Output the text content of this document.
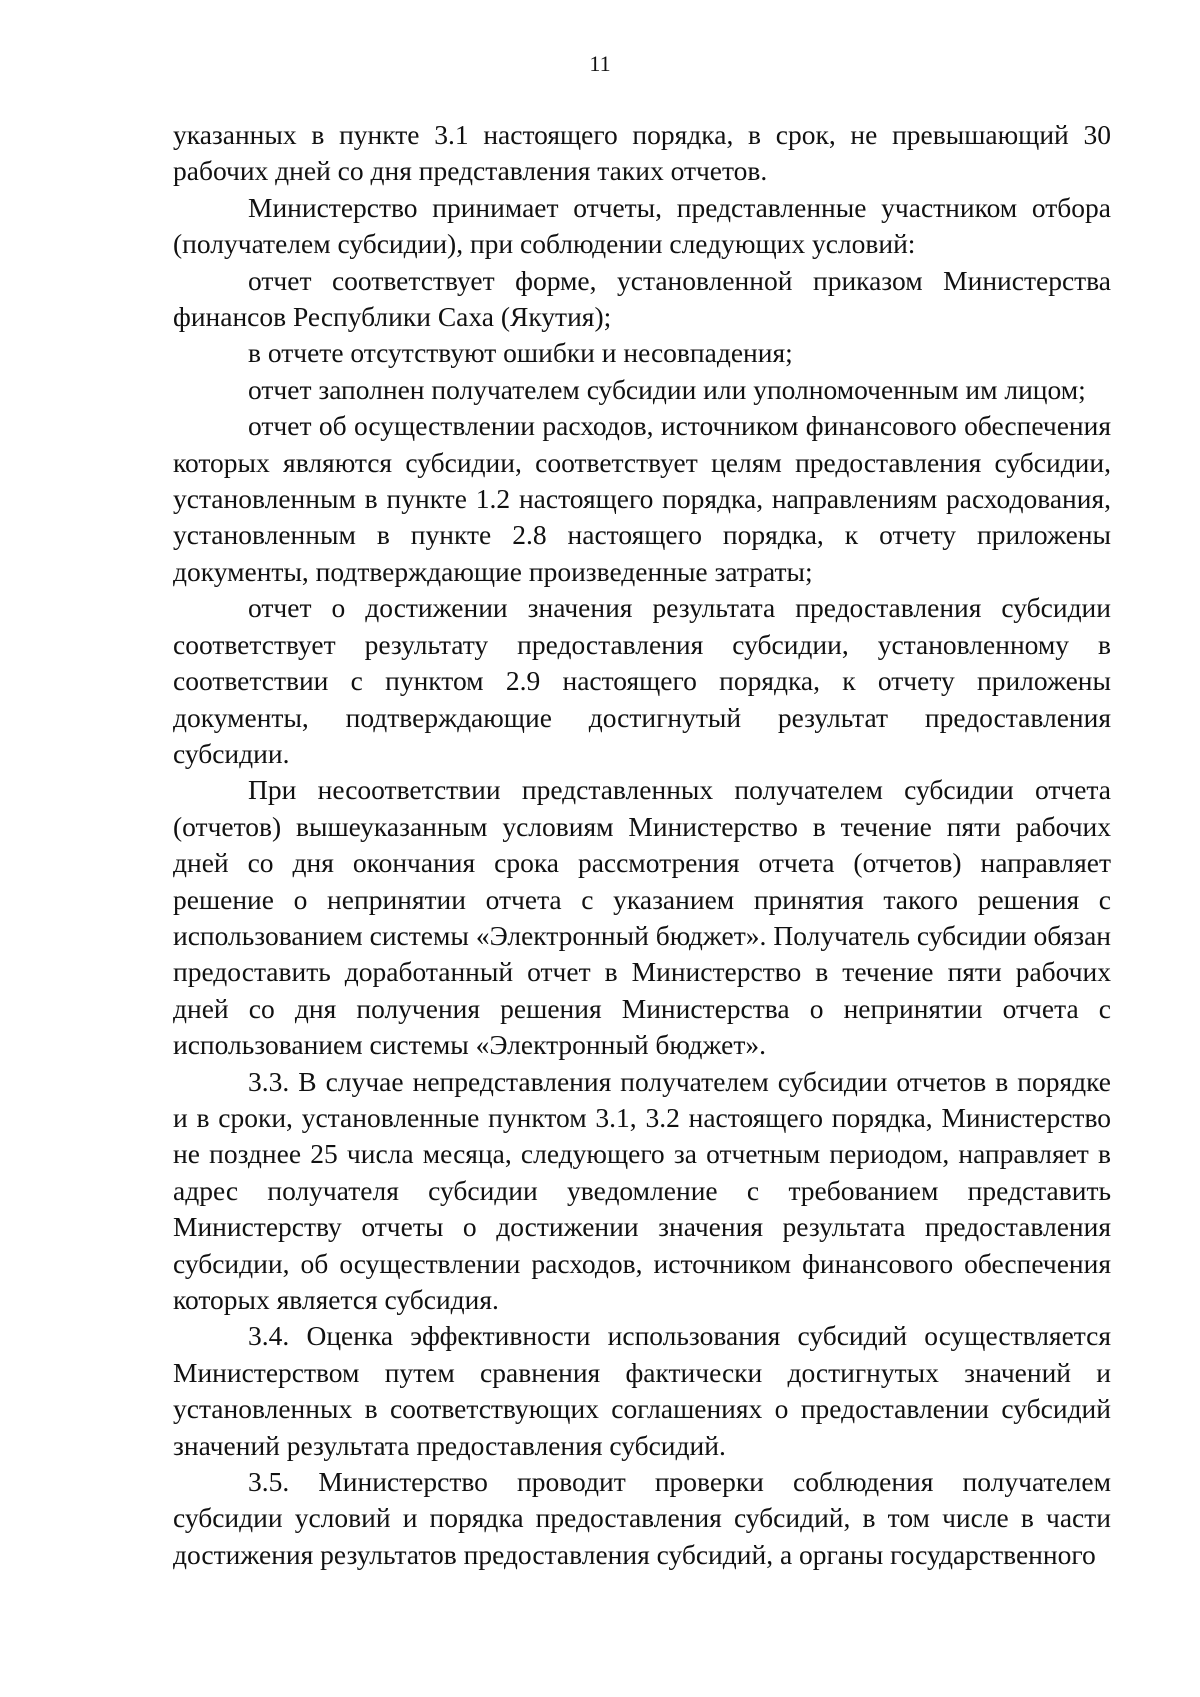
11

указанных в пункте 3.1 настоящего порядка, в срок, не превышающий 30 рабочих дней со дня представления таких отчетов.

Министерство принимает отчеты, представленные участником отбора (получателем субсидии), при соблюдении следующих условий:

отчет соответствует форме, установленной приказом Министерства финансов Республики Саха (Якутия);

в отчете отсутствуют ошибки и несовпадения;

отчет заполнен получателем субсидии или уполномоченным им лицом;

отчет об осуществлении расходов, источником финансового обеспечения которых являются субсидии, соответствует целям предоставления субсидии, установленным в пункте 1.2 настоящего порядка, направлениям расходования, установленным в пункте 2.8 настоящего порядка, к отчету приложены документы, подтверждающие произведенные затраты;

отчет о достижении значения результата предоставления субсидии соответствует результату предоставления субсидии, установленному в соответствии с пунктом 2.9 настоящего порядка, к отчету приложены документы, подтверждающие достигнутый результат предоставления субсидии.

При несоответствии представленных получателем субсидии отчета (отчетов) вышеуказанным условиям Министерство в течение пяти рабочих дней со дня окончания срока рассмотрения отчета (отчетов) направляет решение о непринятии отчета с указанием принятия такого решения с использованием системы «Электронный бюджет». Получатель субсидии обязан предоставить доработанный отчет в Министерство в течение пяти рабочих дней со дня получения решения Министерства о непринятии отчета с использованием системы «Электронный бюджет».

3.3. В случае непредставления получателем субсидии отчетов в порядке и в сроки, установленные пунктом 3.1, 3.2 настоящего порядка, Министерство не позднее 25 числа месяца, следующего за отчетным периодом, направляет в адрес получателя субсидии уведомление с требованием представить Министерству отчеты о достижении значения результата предоставления субсидии, об осуществлении расходов, источником финансового обеспечения которых является субсидия.

3.4. Оценка эффективности использования субсидий осуществляется Министерством путем сравнения фактически достигнутых значений и установленных в соответствующих соглашениях о предоставлении субсидий значений результата предоставления субсидий.

3.5. Министерство проводит проверки соблюдения получателем субсидии условий и порядка предоставления субсидий, в том числе в части достижения результатов предоставления субсидий, а органы государственного
